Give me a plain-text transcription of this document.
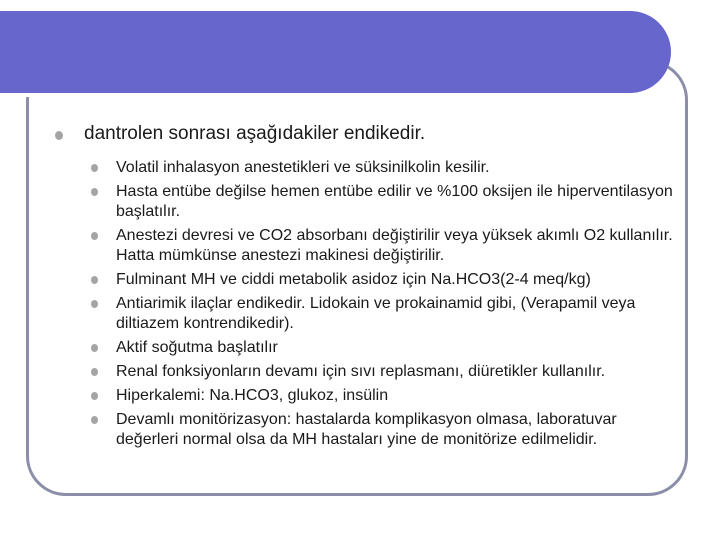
dantrolen sonrası aşağıdakiler endikedir.
Volatil inhalasyon anestetikleri ve süksinilkolin kesilir.
Hasta entübe değilse hemen entübe edilir ve %100 oksijen ile hiperventilasyon başlatılır.
Anestezi devresi ve CO2 absorbanı değiştirilir veya yüksek akımlı O2 kullanılır. Hatta mümkünse anestezi makinesi değiştirilir.
Fulminant MH ve ciddi metabolik asidoz için Na.HCO3(2-4 meq/kg)
Antiarimik ilaçlar endikedir. Lidokain ve prokainamid gibi, (Verapamil veya diltiazem kontrendikedir).
Aktif soğutma başlatılır
Renal fonksiyonların devamı için sıvı replasmanı, diüretikler kullanılır.
Hiperkalemi: Na.HCO3, glukoz, insülin
Devamlı monitörizasyon: hastalarda komplikasyon olmasa, laboratuvar değerleri normal olsa da MH hastaları yine de monitörize edilmelidir.
